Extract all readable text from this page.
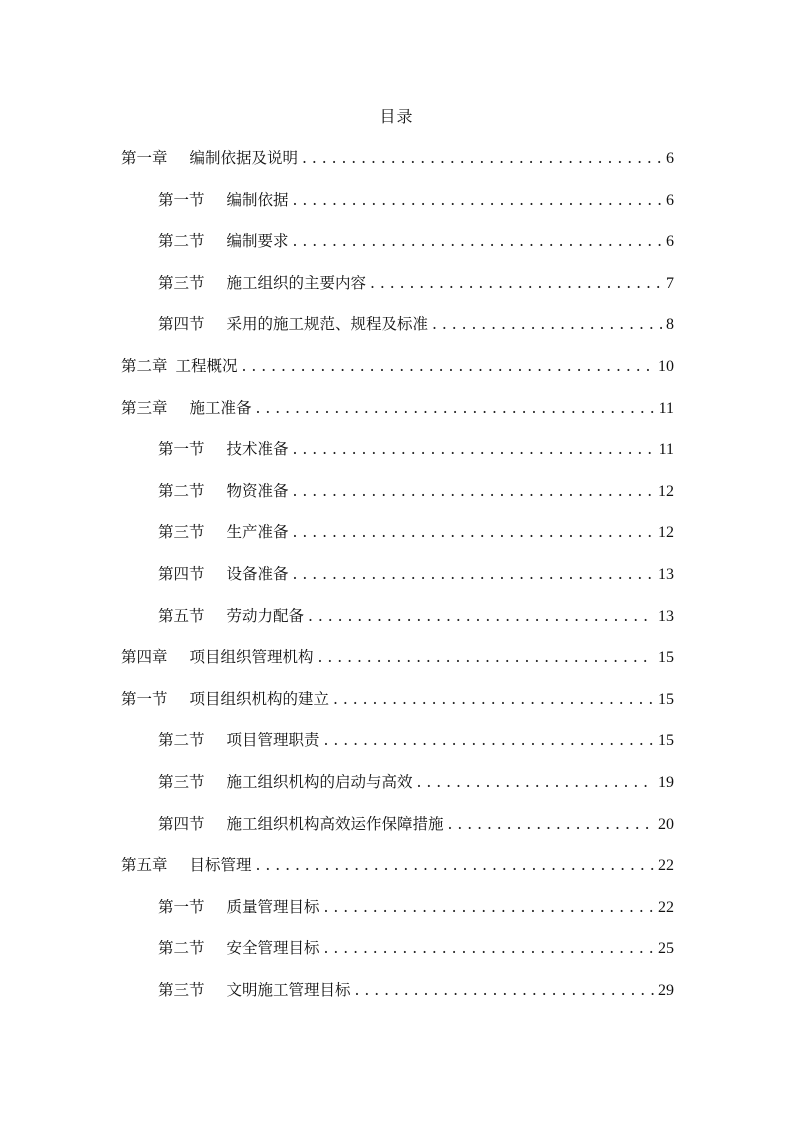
目录
第一章 编制依据及说明 . . .	6
第一节 编制依据 . . .	6
第二节 编制要求 . . .	6
第三节 施工组织的主要内容 . . .	7
第四节 采用的施工规范、规程及标准 . . .	8
第二章 工程概况 . . .	10
第三章 施工准备 . . .	11
第一节 技术准备 . . .	11
第二节 物资准备 . . .	12
第三节 生产准备 . . .	12
第四节 设备准备 . . .	13
第五节 劳动力配备 . . .	13
第四章 项目组织管理机构 . . .	15
第一节 项目组织机构的建立 . . .	15
第二节 项目管理职责 . . .	15
第三节 施工组织机构的启动与高效 . . .	19
第四节 施工组织机构高效运作保障措施 . . .	20
第五章 目标管理 . . .	22
第一节 质量管理目标 . . .	22
第二节 安全管理目标 . . .	25
第三节 文明施工管理目标 . . .	29
